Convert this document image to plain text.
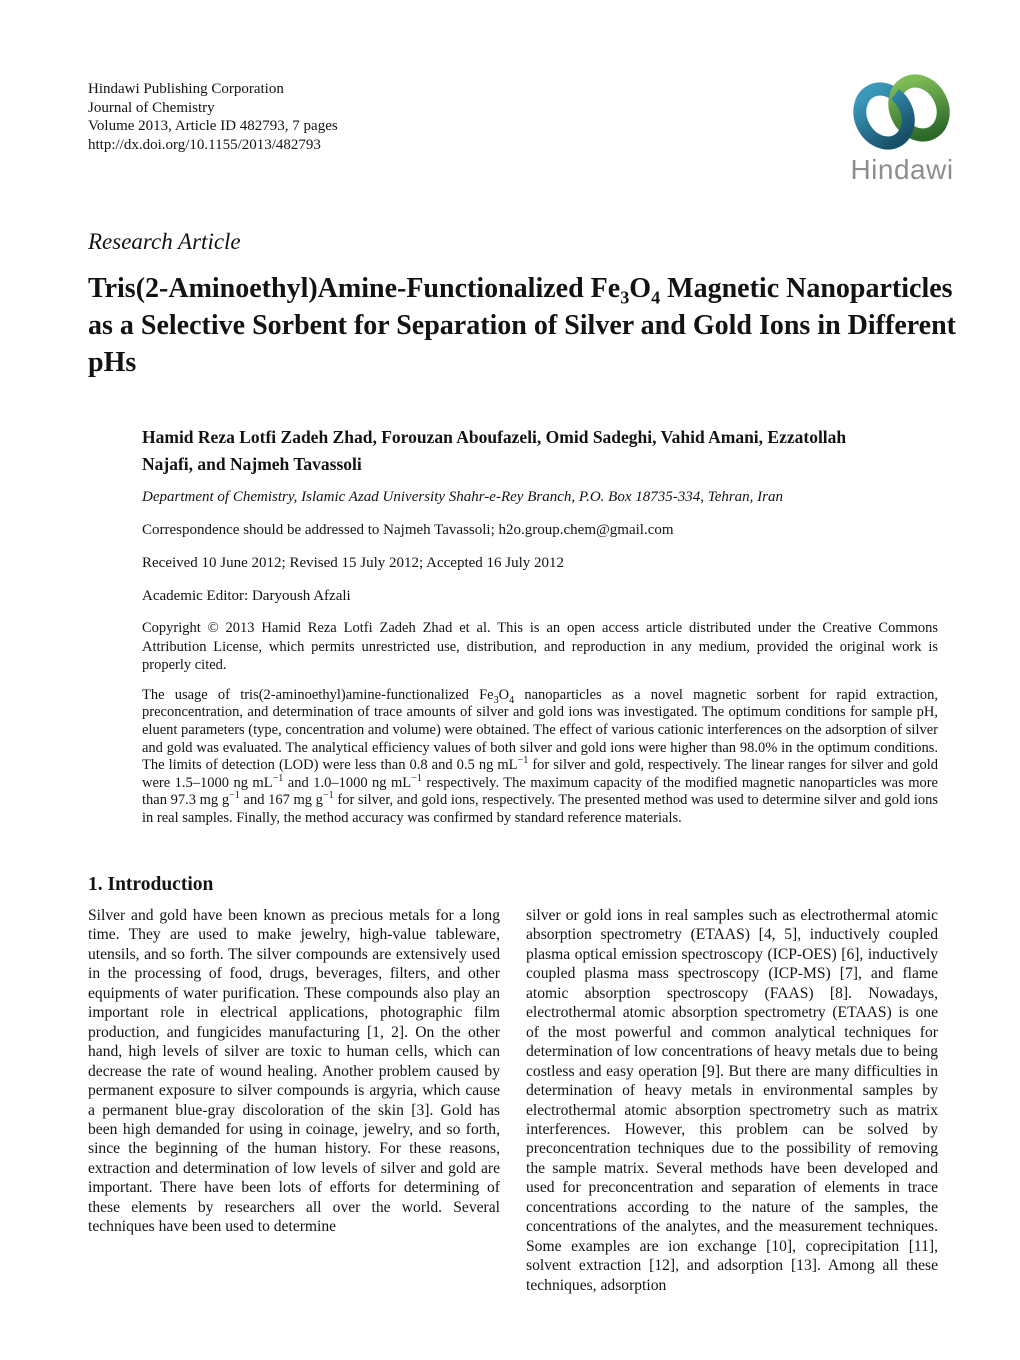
Hindawi Publishing Corporation
Journal of Chemistry
Volume 2013, Article ID 482793, 7 pages
http://dx.doi.org/10.1155/2013/482793
Hindawi
Research Article
Tris(2-Aminoethyl)Amine-Functionalized $Fe_3O_4$ Magnetic Nanoparticles as a Selective Sorbent for Separation of Silver and Gold Ions in Different pHs
Hamid Reza Lotfi Zadeh Zhad, Forouzan Aboufazeli, Omid Sadeghi, Vahid Amani, Ezzatollah Najafi, and Najmeh Tavassoli
Department of Chemistry, Islamic Azad University Shahr-e-Rey Branch, P.O. Box 18735-334, Tehran, Iran
Correspondence should be addressed to Najmeh Tavassoli; h2o.group.chem@gmail.com
Received 10 June 2012; Revised 15 July 2012; Accepted 16 July 2012
Academic Editor: Daryoush Afzali
Copyright © 2013 Hamid Reza Lotfi Zadeh Zhad et al. This is an open access article distributed under the Creative Commons Attribution License, which permits unrestricted use, distribution, and reproduction in any medium, provided the original work is properly cited.
The usage of tris(2-aminoethyl)amine-functionalized $Fe_3O_4$ nanoparticles as a novel magnetic sorbent for rapid extraction, preconcentration, and determination of trace amounts of silver and gold ions was investigated. The optimum conditions for sample pH, eluent parameters (type, concentration and volume) were obtained. The effect of various cationic interferences on the adsorption of silver and gold was evaluated. The analytical efficiency values of both silver and gold ions were higher than 98.0% in the optimum conditions. The limits of detection (LOD) were less than 0.8 and 0.5 ng $mL^{-1}$ for silver and gold, respectively. The linear ranges for silver and gold were 1.5–1000 ng $mL^{-1}$ and 1.0–1000 ng $mL^{-1}$ respectively. The maximum capacity of the modified magnetic nanoparticles was more than 97.3 mg $g^{-1}$ and 167 mg $g^{-1}$ for silver, and gold ions, respectively. The presented method was used to determine silver and gold ions in real samples. Finally, the method accuracy was confirmed by standard reference materials.
1. Introduction
Silver and gold have been known as precious metals for a long time. They are used to make jewelry, high-value tableware, utensils, and so forth. The silver compounds are extensively used in the processing of food, drugs, beverages, filters, and other equipments of water purification. These compounds also play an important role in electrical applications, photographic film production, and fungicides manufacturing [1, 2]. On the other hand, high levels of silver are toxic to human cells, which can decrease the rate of wound healing. Another problem caused by permanent exposure to silver compounds is argyria, which cause a permanent blue-gray discoloration of the skin [3]. Gold has been high demanded for using in coinage, jewelry, and so forth, since the beginning of the human history. For these reasons, extraction and determination of low levels of silver and gold are important. There have been lots of efforts for determining of these elements by researchers all over the world. Several techniques have been used to determine
silver or gold ions in real samples such as electrothermal atomic absorption spectrometry (ETAAS) [4, 5], inductively coupled plasma optical emission spectroscopy (ICP-OES) [6], inductively coupled plasma mass spectroscopy (ICP-MS) [7], and flame atomic absorption spectroscopy (FAAS) [8]. Nowadays, electrothermal atomic absorption spectrometry (ETAAS) is one of the most powerful and common analytical techniques for determination of low concentrations of heavy metals due to being costless and easy operation [9]. But there are many difficulties in determination of heavy metals in environmental samples by electrothermal atomic absorption spectrometry such as matrix interferences. However, this problem can be solved by preconcentration techniques due to the possibility of removing the sample matrix. Several methods have been developed and used for preconcentration and separation of elements in trace concentrations according to the nature of the samples, the concentrations of the analytes, and the measurement techniques. Some examples are ion exchange [10], coprecipitation [11], solvent extraction [12], and adsorption [13]. Among all these techniques, adsorption
